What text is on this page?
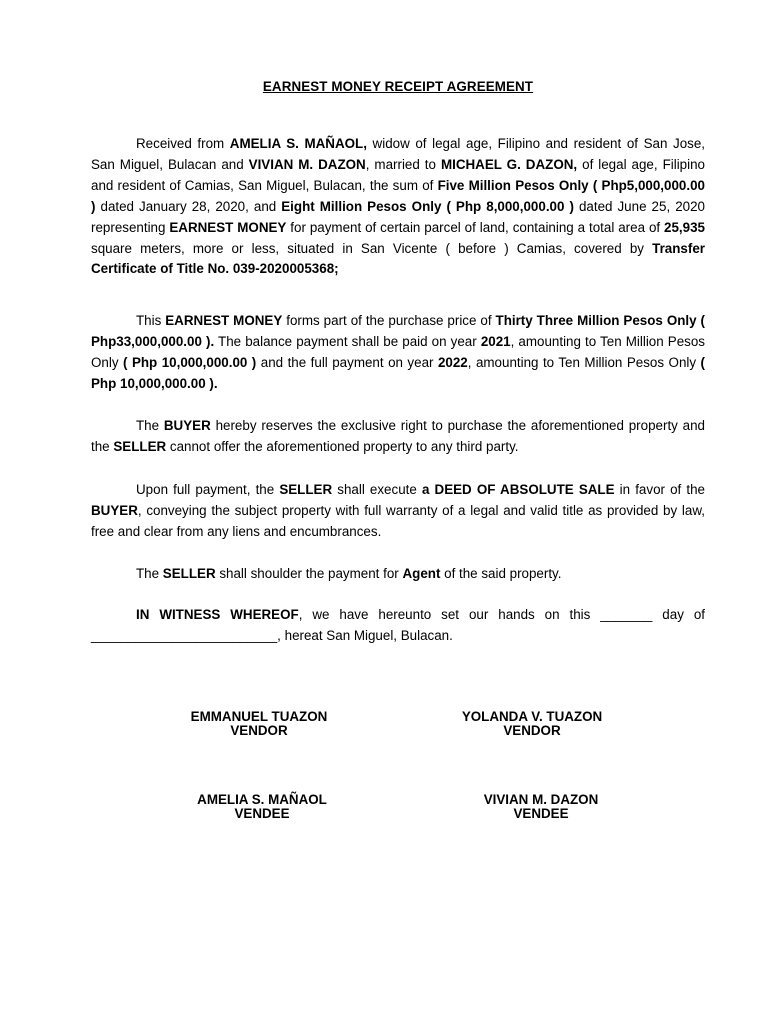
EARNEST MONEY RECEIPT AGREEMENT

Received from AMELIA S. MAÑAOL, widow of legal age, Filipino and resident of San Jose, San Miguel, Bulacan and VIVIAN M. DAZON, married to MICHAEL G. DAZON, of legal age, Filipino and resident of Camias, San Miguel, Bulacan, the sum of Five Million Pesos Only ( Php5,000,000.00 ) dated January 28, 2020, and Eight Million Pesos Only ( Php 8,000,000.00 ) dated June 25, 2020 representing EARNEST MONEY for payment of certain parcel of land, containing a total area of 25,935 square meters, more or less, situated in San Vicente ( before ) Camias, covered by Transfer Certificate of Title No. 039-2020005368;

This EARNEST MONEY forms part of the purchase price of Thirty Three Million Pesos Only ( Php33,000,000.00 ). The balance payment shall be paid on year 2021, amounting to Ten Million Pesos Only ( Php 10,000,000.00 ) and the full payment on year 2022, amounting to Ten Million Pesos Only ( Php 10,000,000.00 ).

The BUYER hereby reserves the exclusive right to purchase the aforementioned property and the SELLER cannot offer the aforementioned property to any third party.

Upon full payment, the SELLER shall execute a DEED OF ABSOLUTE SALE in favor of the BUYER, conveying the subject property with full warranty of a legal and valid title as provided by law, free and clear from any liens and encumbrances.

The SELLER shall shoulder the payment for Agent of the said property.

IN WITNESS WHEREOF, we have hereunto set our hands on this _______ day of _________________________, hereat San Miguel, Bulacan.

EMMANUEL TUAZON
VENDOR
YOLANDA V. TUAZON
VENDOR
AMELIA S. MAÑAOL
VENDEE
VIVIAN M. DAZON
VENDEE
